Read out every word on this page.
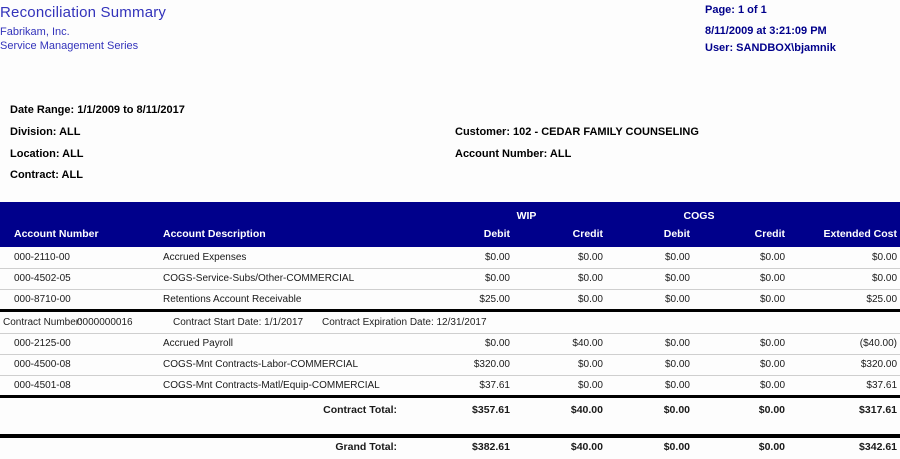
Reconciliation Summary
Fabrikam, Inc.
Service Management Series
Page: 1 of 1
8/11/2009 at 3:21:09 PM
User: SANDBOX\bjamnik
Date Range: 1/1/2009 to 8/11/2017
Division: ALL
Location: ALL
Contract: ALL
Customer: 102 - CEDAR FAMILY COUNSELING
Account Number: ALL
		WIP		COGS		
Account Number	Account Description	Debit	Credit	Debit	Credit	Extended Cost
000-2110-00	Accrued Expenses	$0.00	$0.00	$0.00	$0.00	$0.00
000-4502-05	COGS-Service-Subs/Other-COMMERCIAL	$0.00	$0.00	$0.00	$0.00	$0.00
000-8710-00	Retentions Account Receivable	$25.00	$0.00	$0.00	$0.00	$25.00

Contract Number:
0000000016 Contract Start Date: 1/1/2017 Contract Expiration Date: 12/31/2017						

000-2125-00	Accrued Payroll	$0.00	$40.00	$0.00	$0.00	($40.00)
000-4500-08	COGS-Mnt Contracts-Labor-COMMERCIAL	$320.00	$0.00	$0.00	$0.00	$320.00
000-4501-08	COGS-Mnt Contracts-Matl/Equip-COMMERCIAL	$37.61	$0.00	$0.00	$0.00	$37.61
	Contract Total:	$357.61	$40.00	$0.00	$0.00	$317.61

	Grand Total:	$382.61	$40.00	$0.00	$0.00	$342.61
